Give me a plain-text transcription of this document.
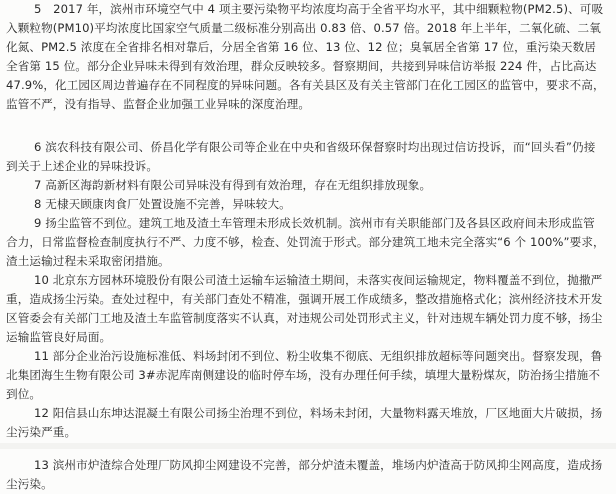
5　2017 年，滨州市环境空气中 4 项主要污染物平均浓度均高于全省平均水平，其中细颗粒物(PM2.5)、可吸入颗粒物(PM10)平均浓度比国家空气质量二级标准分别高出 0.83 倍、0.57 倍。2018 年上半年，二氧化硫、二氧化氮、PM2.5 浓度在全省排名相对靠后，分居全省第 16 位、13 位、12 位；臭氧居全省第 17 位，重污染天数居全省第 15 位。部分企业异味未得到有效治理，群众反映较多。督察期间，共接到异味信访举报 224 件，占比高达 47.9%，化工园区周边普遍存在不同程度的异味问题。各有关县区及有关主管部门在化工园区的监管中，要求不高，监管不严，没有指导、监督企业加强工业异味的深度治理。

6 滨农科技有限公司、侨昌化学有限公司等企业在中央和省级环保督察时均出现过信访投诉，而“回头看”仍接到关于上述企业的异味投诉。

7 高新区海韵新材料有限公司异味没有得到有效治理，存在无组织排放现象。

8 无棣天顾康肉食厂处置设施不完善，异味较大。

9 扬尘监管不到位。建筑工地及渣土车管理未形成长效机制。滨州市有关职能部门及各县区政府间未形成监管合力，日常监督检查制度执行不严、力度不够，检查、处罚流于形式。部分建筑工地未完全落实“6 个 100%”要求，渣土运输过程未采取密闭措施。

10 北京东方园林环境股份有限公司渣土运输车运输渣土期间，未落实夜间运输规定，物料覆盖不到位，抛撒严重，造成扬尘污染。查处过程中，有关部门查处不精准，强调开展工作成绩多，整改措施格式化；滨州经济技术开发区管委会有关部门工地及渣土车监管制度落实不认真，对违规公司处罚形式主义，针对违规车辆处罚力度不够，扬尘运输监管良好局面。

11 部分企业治污设施标准低、料场封闭不到位、粉尘收集不彻底、无组织排放超标等问题突出。督察发现，鲁北集团海生生物有限公司 3#赤泥库南侧建设的临时停车场，没有办理任何手续，填埋大量粉煤灰，防治扬尘措施不到位。

12 阳信县山东坤达混凝土有限公司扬尘治理不到位，料场未封闭，大量物料露天堆放，厂区地面大片破损，扬尘污染严重。

13 滨州市炉渣综合处理厂防风抑尘网建设不完善，部分炉渣未覆盖，堆场内炉渣高于防风抑尘网高度，造成扬尘污染。
